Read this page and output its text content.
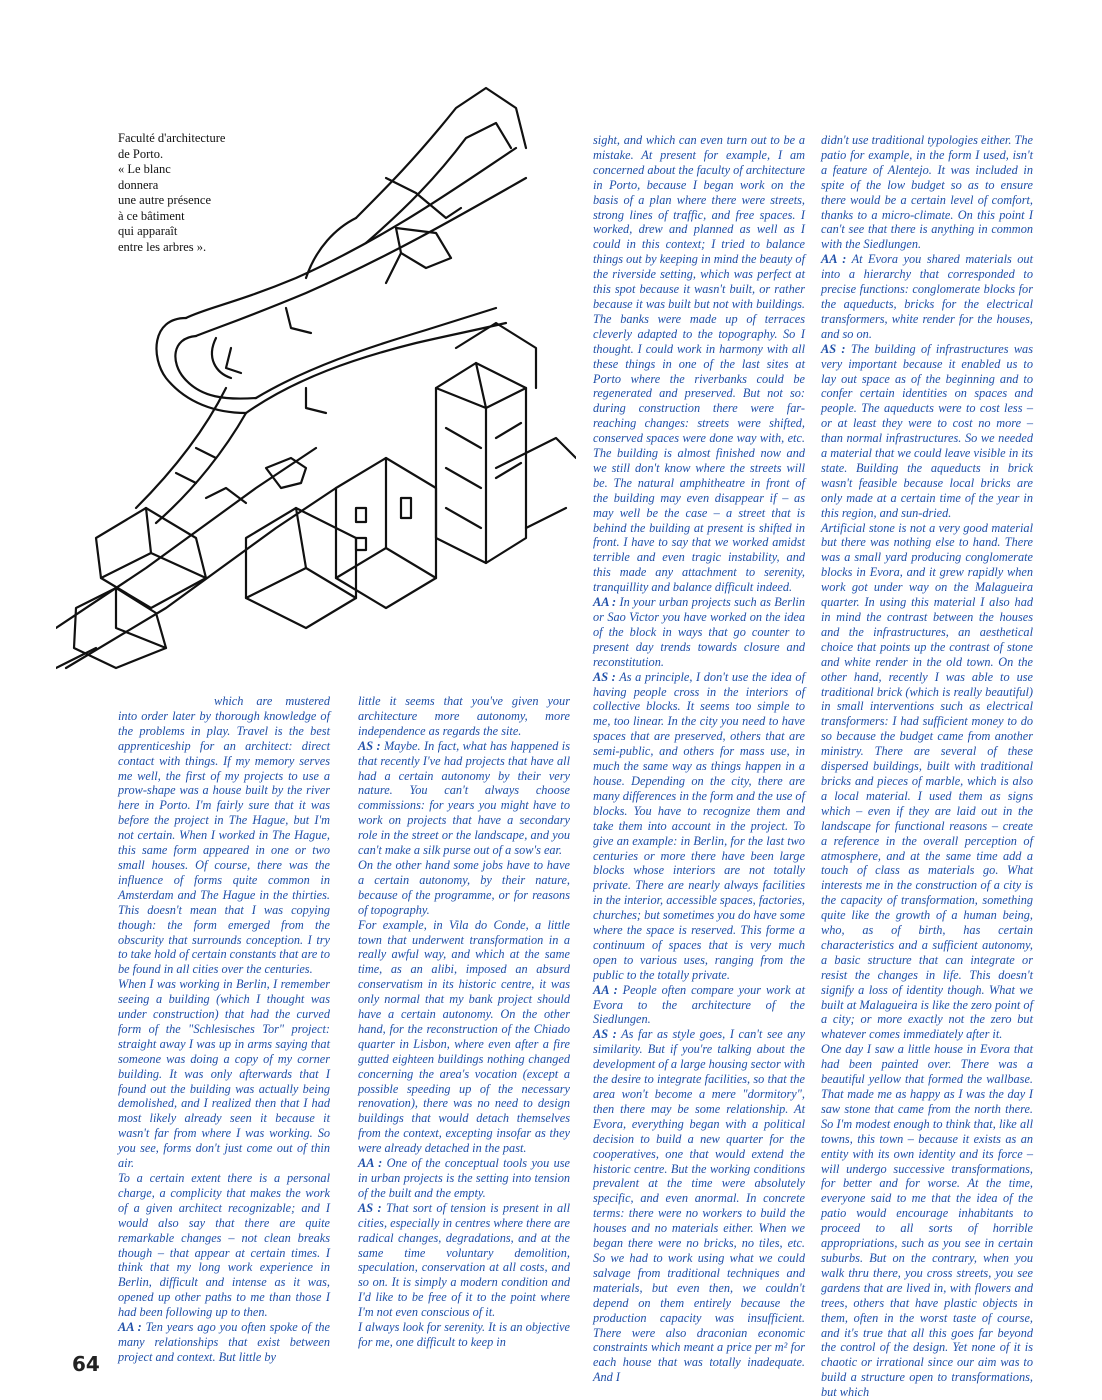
Faculté d'architecture
de Porto.
« Le blanc
donnera
une autre présence
à ce bâtiment
qui apparaît
entre les arbres ».

which are mustered into order later by thorough knowledge of the problems in play. Travel is the best apprenticeship for an architect: direct contact with things. If my memory serves me well, the first of my projects to use a prow-shape was a house built by the river here in Porto. I'm fairly sure that it was before the project in The Hague, but I'm not certain. When I worked in The Hague, this same form appeared in one or two small houses. Of course, there was the influence of forms quite common in Amsterdam and The Hague in the thirties. This doesn't mean that I was copying though: the form emerged from the obscurity that surrounds conception. I try to take hold of certain constants that are to be found in all cities over the centuries.

When I was working in Berlin, I remember seeing a building (which I thought was under construction) that had the curved form of the "Schlesisches Tor" project: straight away I was up in arms saying that someone was doing a copy of my corner building. It was only afterwards that I found out the building was actually being demolished, and I realized then that I had most likely already seen it because it wasn't far from where I was working. So you see, forms don't just come out of thin air.

To a certain extent there is a personal charge, a complicity that makes the work of a given architect recognizable; and I would also say that there are quite remarkable changes – not clean breaks though – that appear at certain times. I think that my long work experience in Berlin, difficult and intense as it was, opened up other paths to me than those I had been following up to then.

AA : Ten years ago you often spoke of the many relationships that exist between project and context. But little by

little it seems that you've given your architecture more autonomy, more independence as regards the site.

AS : Maybe. In fact, what has happened is that recently I've had projects that have all had a certain autonomy by their very nature. You can't always choose commissions: for years you might have to work on projects that have a secondary role in the street or the landscape, and you can't make a silk purse out of a sow's ear.

On the other hand some jobs have to have a certain autonomy, by their nature, because of the programme, or for reasons of topography.

For example, in Vila do Conde, a little town that underwent transformation in a really awful way, and which at the same time, as an alibi, imposed an absurd conservatism in its historic centre, it was only normal that my bank project should have a certain autonomy. On the other hand, for the reconstruction of the Chiado quarter in Lisbon, where even after a fire gutted eighteen buildings nothing changed concerning the area's vocation (except a possible speeding up of the necessary renovation), there was no need to design buildings that would detach themselves from the context, excepting insofar as they were already detached in the past.

AA : One of the conceptual tools you use in urban projects is the setting into tension of the built and the empty.

AS : That sort of tension is present in all cities, especially in centres where there are radical changes, degradations, and at the same time voluntary demolition, speculation, conservation at all costs, and so on. It is simply a modern condition and I'd like to be free of it to the point where I'm not even conscious of it.

I always look for serenity. It is an objective for me, one difficult to keep in

sight, and which can even turn out to be a mistake. At present for example, I am concerned about the faculty of architecture in Porto, because I began work on the basis of a plan where there were streets, strong lines of traffic, and free spaces. I worked, drew and planned as well as I could in this context; I tried to balance things out by keeping in mind the beauty of the riverside setting, which was perfect at this spot because it wasn't built, or rather because it was built but not with buildings. The banks were made up of terraces cleverly adapted to the topography. So I thought. I could work in harmony with all these things in one of the last sites at Porto where the riverbanks could be regenerated and preserved. But not so: during construction there were far-reaching changes: streets were shifted, conserved spaces were done way with, etc. The building is almost finished now and we still don't know where the streets will be. The natural amphitheatre in front of the building may even disappear if – as may well be the case – a street that is behind the building at present is shifted in front. I have to say that we worked amidst terrible and even tragic instability, and this made any attachment to serenity, tranquillity and balance difficult indeed.

AA : In your urban projects such as Berlin or Sao Victor you have worked on the idea of the block in ways that go counter to present day trends towards closure and reconstitution.

AS : As a principle, I don't use the idea of having people cross in the interiors of collective blocks. It seems too simple to me, too linear. In the city you need to have spaces that are preserved, others that are semi-public, and others for mass use, in much the same way as things happen in a house. Depending on the city, there are many differences in the form and the use of blocks. You have to recognize them and take them into account in the project. To give an example: in Berlin, for the last two centuries or more there have been large blocks whose interiors are not totally private. There are nearly always facilities in the interior, accessible spaces, factories, churches; but sometimes you do have some where the space is reserved. This forme a continuum of spaces that is very much open to various uses, ranging from the public to the totally private.

AA : People often compare your work at Evora to the architecture of the Siedlungen.

AS : As far as style goes, I can't see any similarity. But if you're talking about the development of a large housing sector with the desire to integrate facilities, so that the area won't become a mere "dormitory", then there may be some relationship. At Evora, everything began with a political decision to build a new quarter for the cooperatives, one that would extend the historic centre. But the working conditions prevalent at the time were absolutely specific, and even anormal. In concrete terms: there were no workers to build the houses and no materials either. When we began there were no bricks, no tiles, etc. So we had to work using what we could salvage from traditional techniques and materials, but even then, we couldn't depend on them entirely because the production capacity was insufficient. There were also draconian economic constraints which meant a price per m² for each house that was totally inadequate. And I

didn't use traditional typologies either. The patio for example, in the form I used, isn't a feature of Alentejo. It was included in spite of the low budget so as to ensure there would be a certain level of comfort, thanks to a micro-climate. On this point I can't see that there is anything in common with the Siedlungen.

AA : At Evora you shared materials out into a hierarchy that corresponded to precise functions: conglomerate blocks for the aqueducts, bricks for the electrical transformers, white render for the houses, and so on.

AS : The building of infrastructures was very important because it enabled us to lay out space as of the beginning and to confer certain identities on spaces and people. The aqueducts were to cost less – or at least they were to cost no more – than normal infrastructures. So we needed a material that we could leave visible in its state. Building the aqueducts in brick wasn't feasible because local bricks are only made at a certain time of the year in this region, and sun-dried.

Artificial stone is not a very good material but there was nothing else to hand. There was a small yard producing conglomerate blocks in Evora, and it grew rapidly when work got under way on the Malagueira quarter. In using this material I also had in mind the contrast between the houses and the infrastructures, an aesthetical choice that points up the contrast of stone and white render in the old town. On the other hand, recently I was able to use traditional brick (which is really beautiful) in small interventions such as electrical transformers: I had sufficient money to do so because the budget came from another ministry. There are several of these dispersed buildings, built with traditional bricks and pieces of marble, which is also a local material. I used them as signs which – even if they are laid out in the landscape for functional reasons – create a reference in the overall perception of atmosphere, and at the same time add a touch of class as materials go. What interests me in the construction of a city is the capacity of transformation, something quite like the growth of a human being, who, as of birth, has certain characteristics and a sufficient autonomy, a basic structure that can integrate or resist the changes in life. This doesn't signify a loss of identity though. What we built at Malagueira is like the zero point of a city; or more exactly not the zero but whatever comes immediately after it.

One day I saw a little house in Evora that had been painted over. There was a beautiful yellow that formed the wallbase. That made me as happy as I was the day I saw stone that came from the north there. So I'm modest enough to think that, like all towns, this town – because it exists as an entity with its own identity and its force – will undergo successive transformations, for better and for worse. At the time, everyone said to me that the idea of the patio would encourage inhabitants to proceed to all sorts of horrible appropriations, such as you see in certain suburbs. But on the contrary, when you walk thru there, you cross streets, you see gardens that are lived in, with flowers and trees, others that have plastic objects in them, often in the worst taste of course, and it's true that all this goes far beyond the control of the design. Yet none of it is chaotic or irrational since our aim was to build a structure open to transformations, but which

64
